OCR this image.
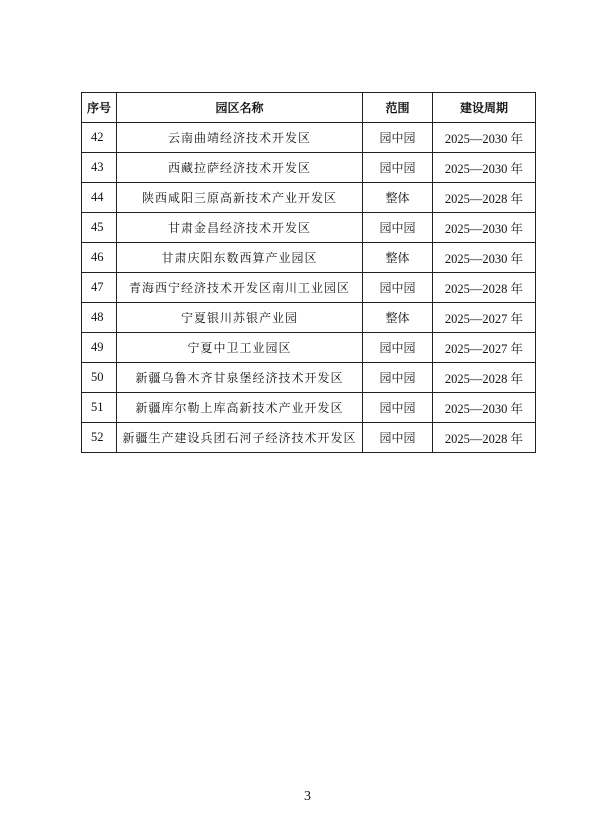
序号	园区名称	范围	建设周期
42	云南曲靖经济技术开发区	园中园	2025—2030 年
43	西藏拉萨经济技术开发区	园中园	2025—2030 年
44	陕西咸阳三原高新技术产业开发区	整体	2025—2028 年
45	甘肃金昌经济技术开发区	园中园	2025—2030 年
46	甘肃庆阳东数西算产业园区	整体	2025—2030 年
47	青海西宁经济技术开发区南川工业园区	园中园	2025—2028 年
48	宁夏银川苏银产业园	整体	2025—2027 年
49	宁夏中卫工业园区	园中园	2025—2027 年
50	新疆乌鲁木齐甘泉堡经济技术开发区	园中园	2025—2028 年
51	新疆库尔勒上库高新技术产业开发区	园中园	2025—2030 年
52	新疆生产建设兵团石河子经济技术开发区	园中园	2025—2028 年
3
